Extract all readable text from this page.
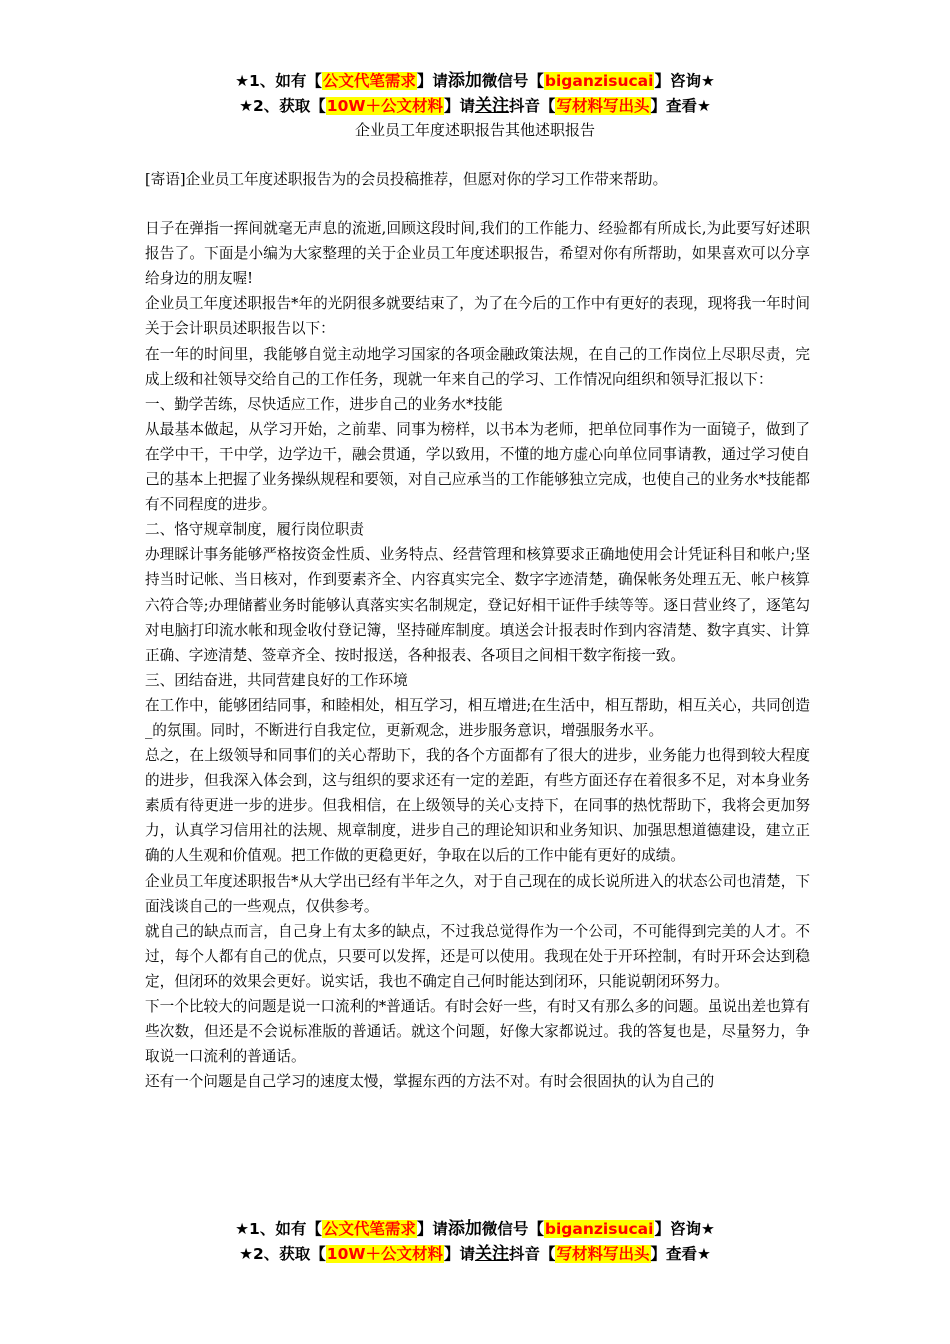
★1、如有【公文代笔需求】请添加微信号【biganzisucai】咨询★
★2、获取【10W＋公文材料】请关注抖音【写材料写出头】查看★
企业员工年度述职报告其他述职报告

[寄语]企业员工年度述职报告为的会员投稿推荐，但愿对你的学习工作带来帮助。

日子在弹指一挥间就毫无声息的流逝,回顾这段时间,我们的工作能力、经验都有所成长,为此要写好述职报告了。下面是小编为大家整理的关于企业员工年度述职报告，希望对你有所帮助，如果喜欢可以分享给身边的朋友喔!

企业员工年度述职报告*年的光阴很多就要结束了，为了在今后的工作中有更好的表现，现将我一年时间关于会计职员述职报告以下：

在一年的时间里，我能够自觉主动地学习国家的各项金融政策法规，在自己的工作岗位上尽职尽责，完成上级和社领导交给自己的工作任务，现就一年来自己的学习、工作情况向组织和领导汇报以下：

一、勤学苦练，尽快适应工作，进步自己的业务水*技能

从最基本做起，从学习开始，之前辈、同事为榜样，以书本为老师，把单位同事作为一面镜子，做到了在学中干，干中学，边学边干，融会贯通，学以致用，不懂的地方虚心向单位同事请教，通过学习使自己的基本上把握了业务操纵规程和要领，对自己应承当的工作能够独立完成，也使自己的业务水*技能都有不同程度的进步。

二、恪守规章制度，履行岗位职责

办理睬计事务能够严格按资金性质、业务特点、经营管理和核算要求正确地使用会计凭证科目和帐户;坚持当时记帐、当日核对，作到要素齐全、内容真实完全、数字字迹清楚，确保帐务处理五无、帐户核算六符合等;办理储蓄业务时能够认真落实实名制规定，登记好相干证件手续等等。逐日营业终了，逐笔勾对电脑打印流水帐和现金收付登记簿，坚持碰库制度。填送会计报表时作到内容清楚、数字真实、计算正确、字迹清楚、签章齐全、按时报送，各种报表、各项目之间相干数字衔接一致。

三、团结奋进，共同营建良好的工作环境

在工作中，能够团结同事，和睦相处，相互学习，相互增进;在生活中，相互帮助，相互关心，共同创造_的氛围。同时，不断进行自我定位，更新观念，进步服务意识，增强服务水平。

总之，在上级领导和同事们的关心帮助下，我的各个方面都有了很大的进步，业务能力也得到较大程度的进步，但我深入体会到，这与组织的要求还有一定的差距，有些方面还存在着很多不足，对本身业务素质有待更进一步的进步。但我相信，在上级领导的关心支持下，在同事的热忱帮助下，我将会更加努力，认真学习信用社的法规、规章制度，进步自己的理论知识和业务知识、加强思想道德建设，建立正确的人生观和价值观。把工作做的更稳更好，争取在以后的工作中能有更好的成绩。

企业员工年度述职报告*从大学出已经有半年之久，对于自己现在的成长说所进入的状态公司也清楚，下面浅谈自己的一些观点，仅供参考。

就自己的缺点而言，自己身上有太多的缺点，不过我总觉得作为一个公司，不可能得到完美的人才。不过，每个人都有自己的优点，只要可以发挥，还是可以使用。我现在处于开环控制，有时开环会达到稳定，但闭环的效果会更好。说实话，我也不确定自己何时能达到闭环，只能说朝闭环努力。

下一个比较大的问题是说一口流利的*普通话。有时会好一些，有时又有那么多的问题。虽说出差也算有些次数，但还是不会说标准版的普通话。就这个问题，好像大家都说过。我的答复也是，尽量努力，争取说一口流利的普通话。

还有一个问题是自己学习的速度太慢，掌握东西的方法不对。有时会很固执的认为自己的

★1、如有【公文代笔需求】请添加微信号【biganzisucai】咨询★
★2、获取【10W＋公文材料】请关注抖音【写材料写出头】查看★
